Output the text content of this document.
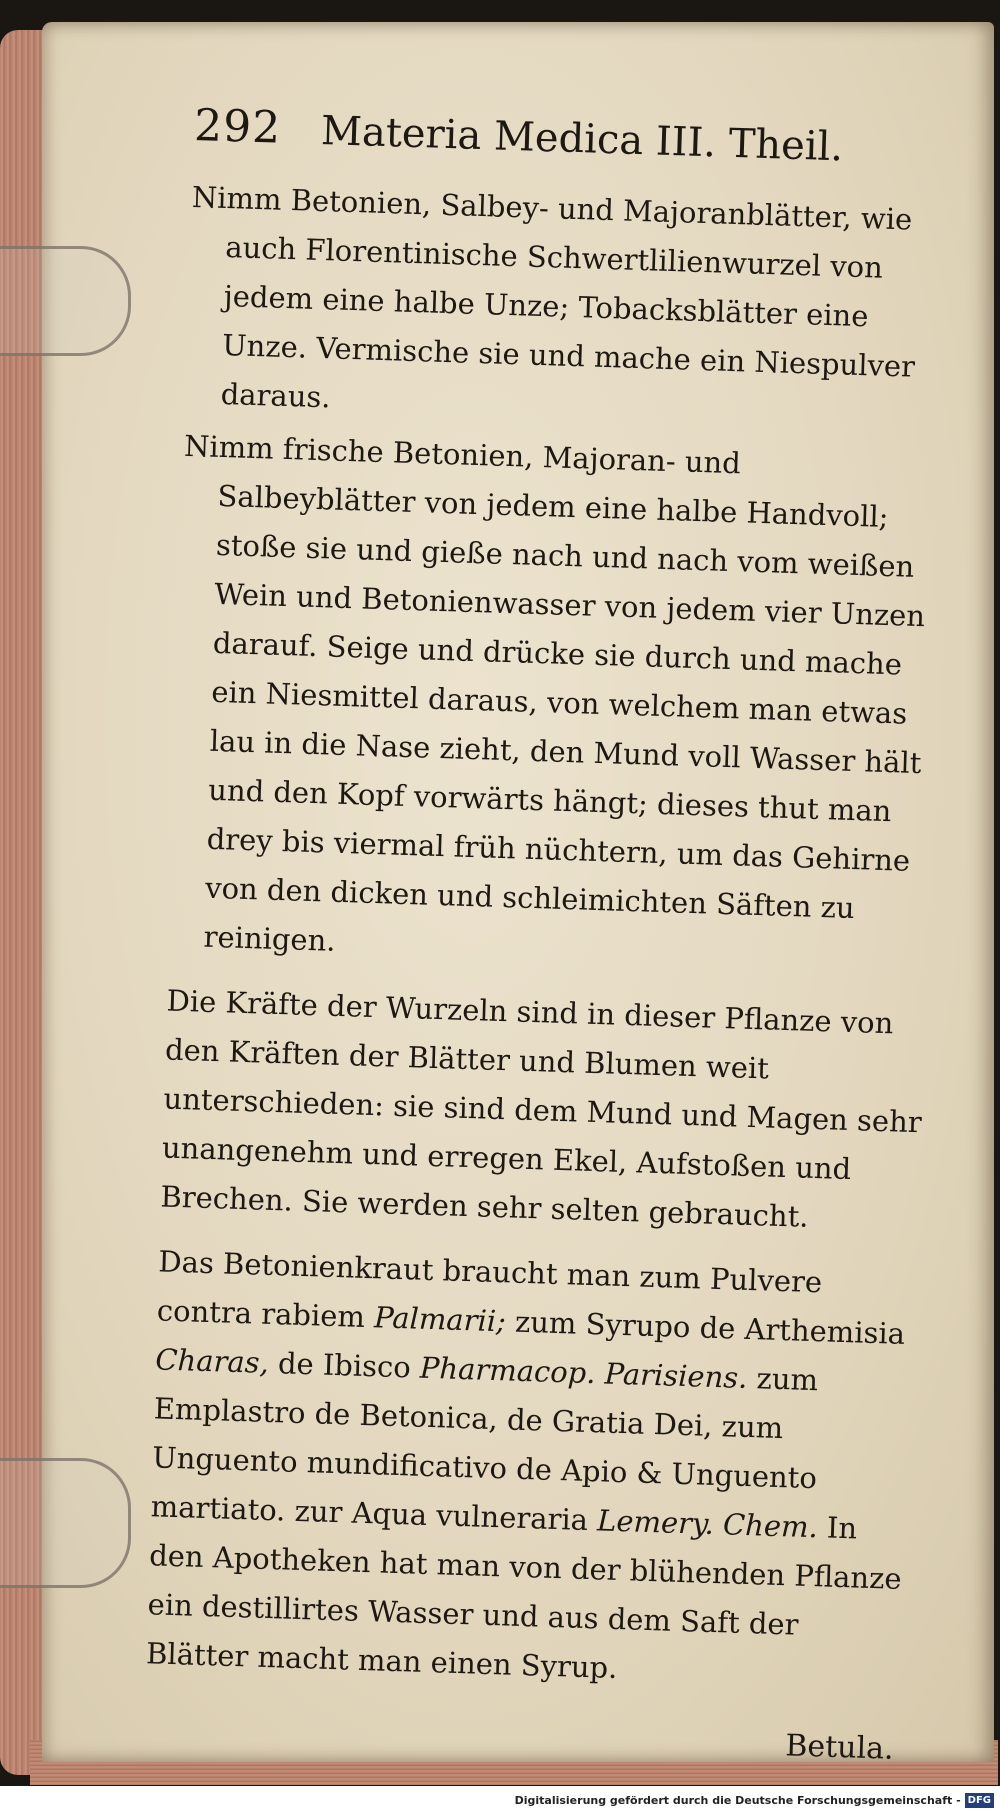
292 Materia Medica III. Theil.

Nimm Betonien, Salbey- und Majoranblätter, wie auch Florentinische Schwertlilienwurzel von jedem eine halbe Unze; Tobacksblätter eine Unze. Vermische sie und mache ein Niespulver daraus.

Nimm frische Betonien, Majoran- und Salbeyblätter von jedem eine halbe Handvoll; stoße sie und gieße nach und nach vom weißen Wein und Betonienwasser von jedem vier Unzen darauf. Seige und drücke sie durch und mache ein Niesmittel daraus, von welchem man etwas lau in die Nase zieht, den Mund voll Wasser hält und den Kopf vorwärts hängt; dieses thut man drey bis viermal früh nüchtern, um das Gehirne von den dicken und schleimichten Säften zu reinigen.

Die Kräfte der Wurzeln sind in dieser Pflanze von den Kräften der Blätter und Blumen weit unterschieden: sie sind dem Mund und Magen sehr unangenehm und erregen Ekel, Aufstoßen und Brechen. Sie werden sehr selten gebraucht.

Das Betonienkraut braucht man zum Pulvere contra rabiem Palmarii; zum Syrupo de Arthemisia Charas, de Ibisco Pharmacop. Parisiens. zum Emplastro de Betonica, de Gratia Dei, zum Unguento mundificativo de Apio & Unguento martiato. zur Aqua vulneraria Lemery. Chem. In den Apotheken hat man von der blühenden Pflanze ein destillirtes Wasser und aus dem Saft der Blätter macht man einen Syrup.

Betula.
Digitalisierung gefördert durch die Deutsche Forschungsgemeinschaft - DFG
